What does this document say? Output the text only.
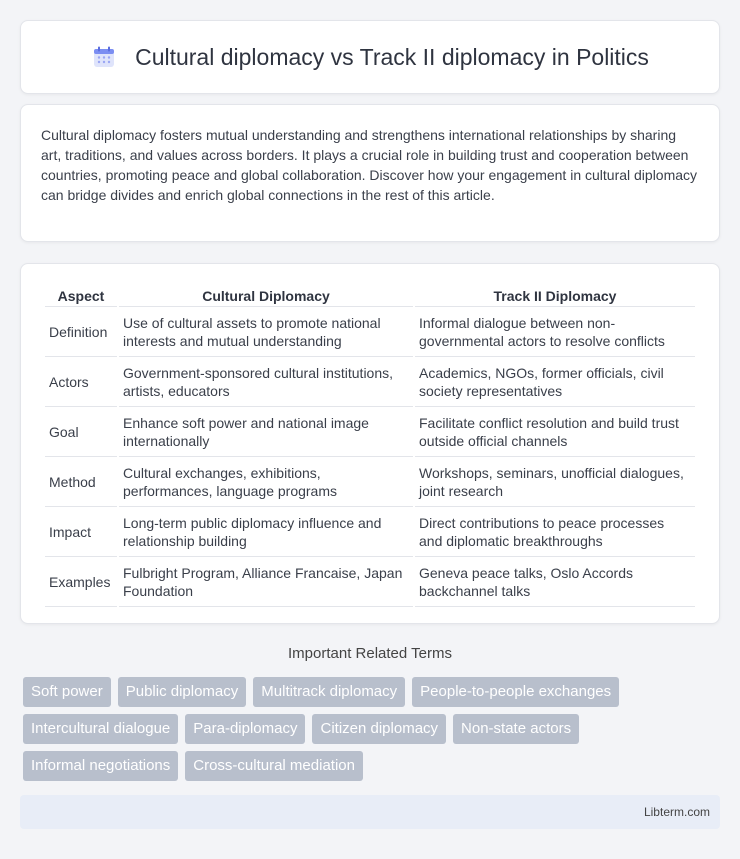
Cultural diplomacy vs Track II diplomacy in Politics

Cultural diplomacy fosters mutual understanding and strengthens international relationships by sharing art, traditions, and values across borders. It plays a crucial role in building trust and cooperation between countries, promoting peace and global collaboration. Discover how your engagement in cultural diplomacy can bridge divides and enrich global connections in the rest of this article.

Aspect	Cultural Diplomacy	Track II Diplomacy
Definition	Use of cultural assets to promote national interests and mutual understanding	Informal dialogue between non-governmental actors to resolve conflicts
Actors	Government-sponsored cultural institutions, artists, educators	Academics, NGOs, former officials, civil society representatives
Goal	Enhance soft power and national image internationally	Facilitate conflict resolution and build trust outside official channels
Method	Cultural exchanges, exhibitions, performances, language programs	Workshops, seminars, unofficial dialogues, joint research
Impact	Long-term public diplomacy influence and relationship building	Direct contributions to peace processes and diplomatic breakthroughs
Examples	Fulbright Program, Alliance Francaise, Japan Foundation	Geneva peace talks, Oslo Accords backchannel talks
Important Related Terms
Soft power	Public diplomacy	Multitrack diplomacy	People-to-people exchanges
Intercultural dialogue	Para-diplomacy	Citizen diplomacy	Non-state actors
Informal negotiations	Cross-cultural mediation
Libterm.com
